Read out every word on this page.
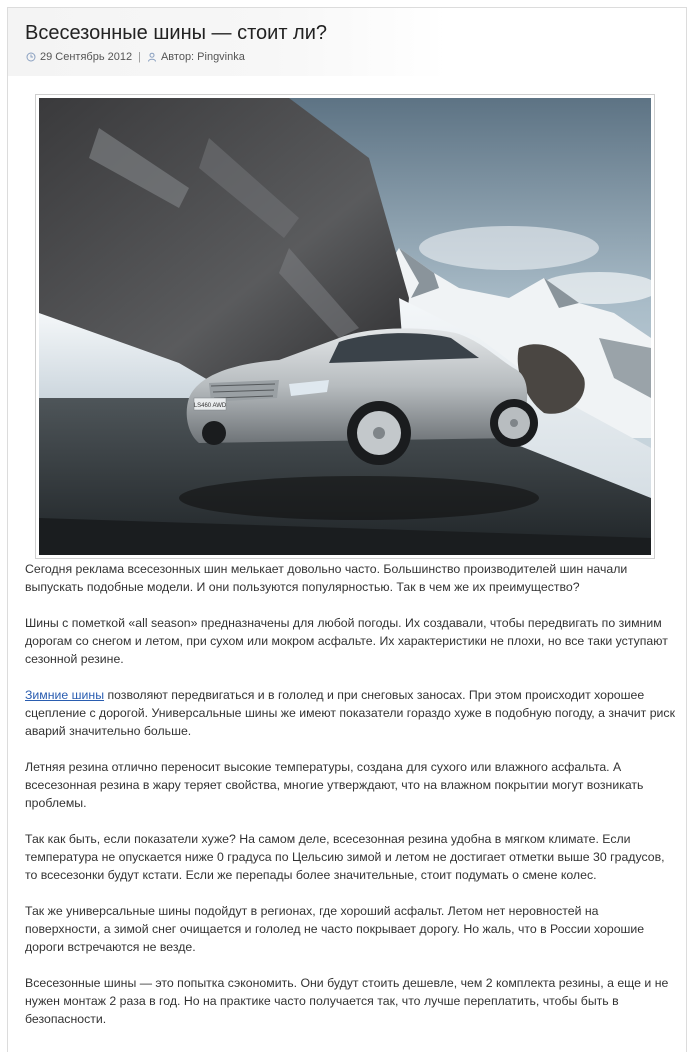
Всесезонные шины — стоит ли?
29 Сентябрь 2012 | Автор: Pingvinka
LS460 AWD

Сегодня реклама всесезонных шин мелькает довольно часто. Большинство производителей шин начали выпускать подобные модели. И они пользуются популярностью. Так в чем же их преимущество?

Шины с пометкой «all season» предназначены для любой погоды. Их создавали, чтобы передвигать по зимним дорогам со снегом и летом, при сухом или мокром асфальте. Их характеристики не плохи, но все таки уступают сезонной резине.

Зимние шины позволяют передвигаться и в гололед и при снеговых заносах. При этом происходит хорошее сцепление с дорогой. Универсальные шины же имеют показатели гораздо хуже в подобную погоду, а значит риск аварий значительно больше.

Летняя резина отлично переносит высокие температуры, создана для сухого или влажного асфальта. А всесезонная резина в жару теряет свойства, многие утверждают, что на влажном покрытии могут возникать проблемы.

Так как быть, если показатели хуже? На самом деле, всесезонная резина удобна в мягком климате. Если температура не опускается ниже 0 градуса по Цельсию зимой и летом не достигает отметки выше 30 градусов, то всесезонки будут кстати. Если же перепады более значительные, стоит подумать о смене колес.

Так же универсальные шины подойдут в регионах, где хороший асфальт. Летом нет неровностей на поверхности, а зимой снег очищается и гололед не часто покрывает дорогу. Но жаль, что в России хорошие дороги встречаются не везде.

Всесезонные шины — это попытка сэкономить. Они будут стоить дешевле, чем 2 комплекта резины, а еще и не нужен монтаж 2 раза в год. Но на практике часто получается так, что лучше переплатить, чтобы быть в безопасности.
